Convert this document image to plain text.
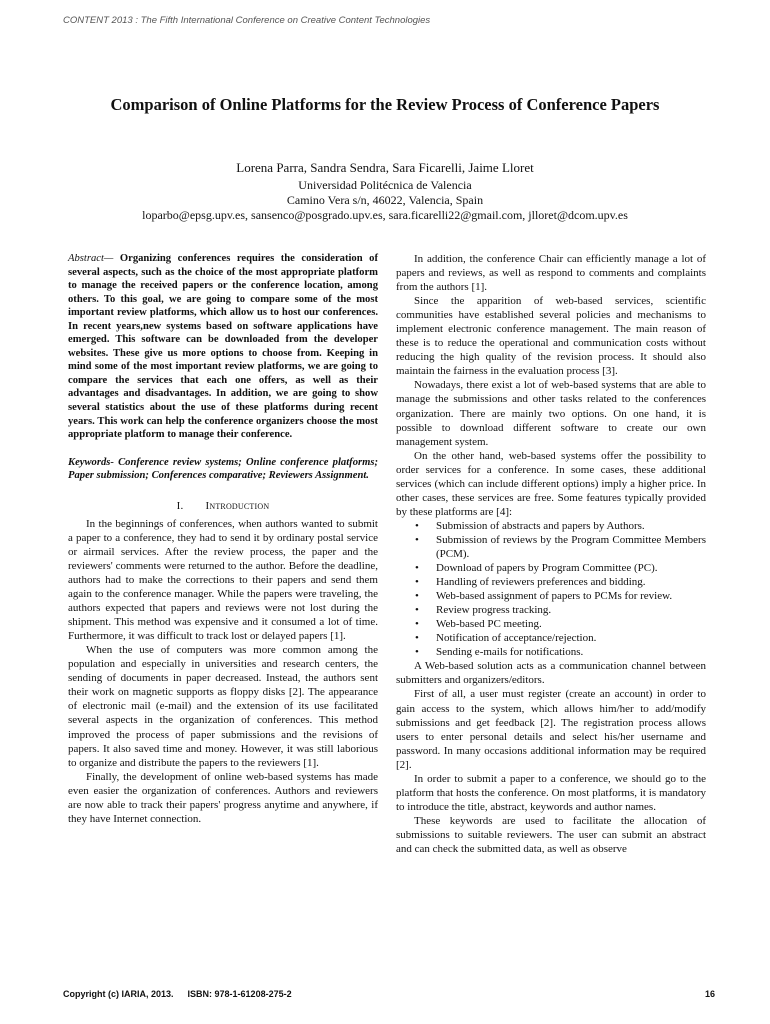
CONTENT 2013 : The Fifth International Conference on Creative Content Technologies
Comparison of Online Platforms for the Review Process of Conference Papers
Lorena Parra, Sandra Sendra, Sara Ficarelli, Jaime Lloret
Universidad Politécnica de Valencia
Camino Vera s/n, 46022, Valencia, Spain
loparbo@epsg.upv.es, sansenco@posgrado.upv.es, sara.ficarelli22@gmail.com, jlloret@dcom.upv.es

Abstract— Organizing conferences requires the consideration of several aspects, such as the choice of the most appropriate platform to manage the received papers or the conference location, among others. To this goal, we are going to compare some of the most important review platforms, which allow us to host our conferences. In recent years,new systems based on software applications have emerged. This software can be downloaded from the developer websites. These give us more options to choose from. Keeping in mind some of the most important review platforms, we are going to compare the services that each one offers, as well as their advantages and disadvantages. In addition, we are going to show several statistics about the use of these platforms during recent years. This work can help the conference organizers choose the most appropriate platform to manage their conference.

Keywords- Conference review systems; Online conference platforms; Paper submission; Conferences comparative; Reviewers Assignment.

I. Introduction

In the beginnings of conferences, when authors wanted to submit a paper to a conference, they had to send it by ordinary postal service or airmail services. After the review process, the paper and the reviewers' comments were returned to the author. Before the deadline, authors had to make the corrections to their papers and send them again to the conference manager. While the papers were traveling, the authors expected that papers and reviews were not lost during the shipment. This method was expensive and it consumed a lot of time. Furthermore, it was difficult to track lost or delayed papers [1].

When the use of computers was more common among the population and especially in universities and research centers, the sending of documents in paper decreased. Instead, the authors sent their work on magnetic supports as floppy disks [2]. The appearance of electronic mail (e-mail) and the extension of its use facilitated several aspects in the organization of conferences. This method improved the process of paper submissions and the revisions of papers. It also saved time and money. However, it was still laborious to organize and distribute the papers to the reviewers [1].

Finally, the development of online web-based systems has made even easier the organization of conferences. Authors and reviewers are now able to track their papers' progress anytime and anywhere, if they have Internet connection.

In addition, the conference Chair can efficiently manage a lot of papers and reviews, as well as respond to comments and complaints from the authors [1].

Since the apparition of web-based services, scientific communities have established several policies and mechanisms to implement electronic conference management. The main reason of these is to reduce the operational and communication costs without reducing the high quality of the revision process. It should also maintain the fairness in the evaluation process [3].

Nowadays, there exist a lot of web-based systems that are able to manage the submissions and other tasks related to the conferences organization. There are mainly two options. On one hand, it is possible to download different software to create our own management system.

On the other hand, web-based systems offer the possibility to order services for a conference. In some cases, these additional services (which can include different options) imply a higher price. In other cases, these services are free. Some features typically provided by these platforms are [4]:

• Submission of abstracts and papers by Authors.
• Submission of reviews by the Program Committee Members (PCM).
• Download of papers by Program Committee (PC).
• Handling of reviewers preferences and bidding.
• Web-based assignment of papers to PCMs for review.
• Review progress tracking.
• Web-based PC meeting.
• Notification of acceptance/rejection.
• Sending e-mails for notifications.

A Web-based solution acts as a communication channel between submitters and organizers/editors.

First of all, a user must register (create an account) in order to gain access to the system, which allows him/her to add/modify submissions and get feedback [2]. The registration process allows users to enter personal details and select his/her username and password. In many occasions additional information may be required [2].

In order to submit a paper to a conference, we should go to the platform that hosts the conference. On most platforms, it is mandatory to introduce the title, abstract, keywords and author names.

These keywords are used to facilitate the allocation of submissions to suitable reviewers. The user can submit an abstract and can check the submitted data, as well as observe

Copyright (c) IARIA, 2013. ISBN: 978-1-61208-275-2	16
